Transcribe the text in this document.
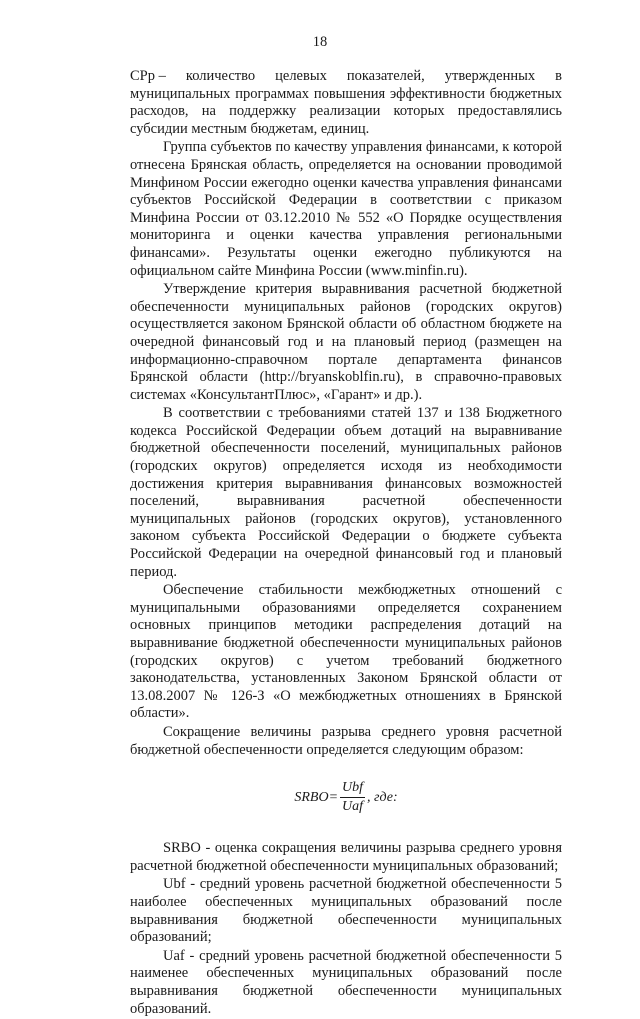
18

СРр – количество целевых показателей, утвержденных в муниципальных программах повышения эффективности бюджетных расходов, на поддержку реализации которых предоставлялись субсидии местным бюджетам, единиц.

Группа субъектов по качеству управления финансами, к которой отнесена Брянская область, определяется на основании проводимой Минфином России ежегодно оценки качества управления финансами субъектов Российской Федерации в соответствии с приказом Минфина России от 03.12.2010 № 552 «О Порядке осуществления мониторинга и оценки качества управления региональными финансами». Результаты оценки ежегодно публикуются на официальном сайте Минфина России (www.minfin.ru).

Утверждение критерия выравнивания расчетной бюджетной обеспеченности муниципальных районов (городских округов) осуществляется законом Брянской области об областном бюджете на очередной финансовый год и на плановый период (размещен на информационно-справочном портале департамента финансов Брянской области (http://bryanskoblfin.ru), в справочно-правовых системах «КонсультантПлюс», «Гарант» и др.).

В соответствии с требованиями статей 137 и 138 Бюджетного кодекса Российской Федерации объем дотаций на выравнивание бюджетной обеспеченности поселений, муниципальных районов (городских округов) определяется исходя из необходимости достижения критерия выравнивания финансовых возможностей поселений, выравнивания расчетной обеспеченности муниципальных районов (городских округов), установленного законом субъекта Российской Федерации о бюджете субъекта Российской Федерации на очередной финансовый год и плановый период.

Обеспечение стабильности межбюджетных отношений с муниципальными образованиями определяется сохранением основных принципов методики распределения дотаций на выравнивание бюджетной обеспеченности муниципальных районов (городских округов) с учетом требований бюджетного законодательства, установленных Законом Брянской области от 13.08.2007 № 126-З «О межбюджетных отношениях в Брянской области».

Сокращение величины разрыва среднего уровня расчетной бюджетной обеспеченности определяется следующим образом:

SRBO = $\frac{\text{Ubf}}{\text{Uaf}}$ , где:

SRBO - оценка сокращения величины разрыва среднего уровня расчетной бюджетной обеспеченности муниципальных образований;

Ubf - средний уровень расчетной бюджетной обеспеченности 5 наиболее обеспеченных муниципальных образований после выравнивания бюджетной обеспеченности муниципальных образований;

Uaf - средний уровень расчетной бюджетной обеспеченности 5 наименее обеспеченных муниципальных образований после выравнивания бюджетной обеспеченности муниципальных образований.
